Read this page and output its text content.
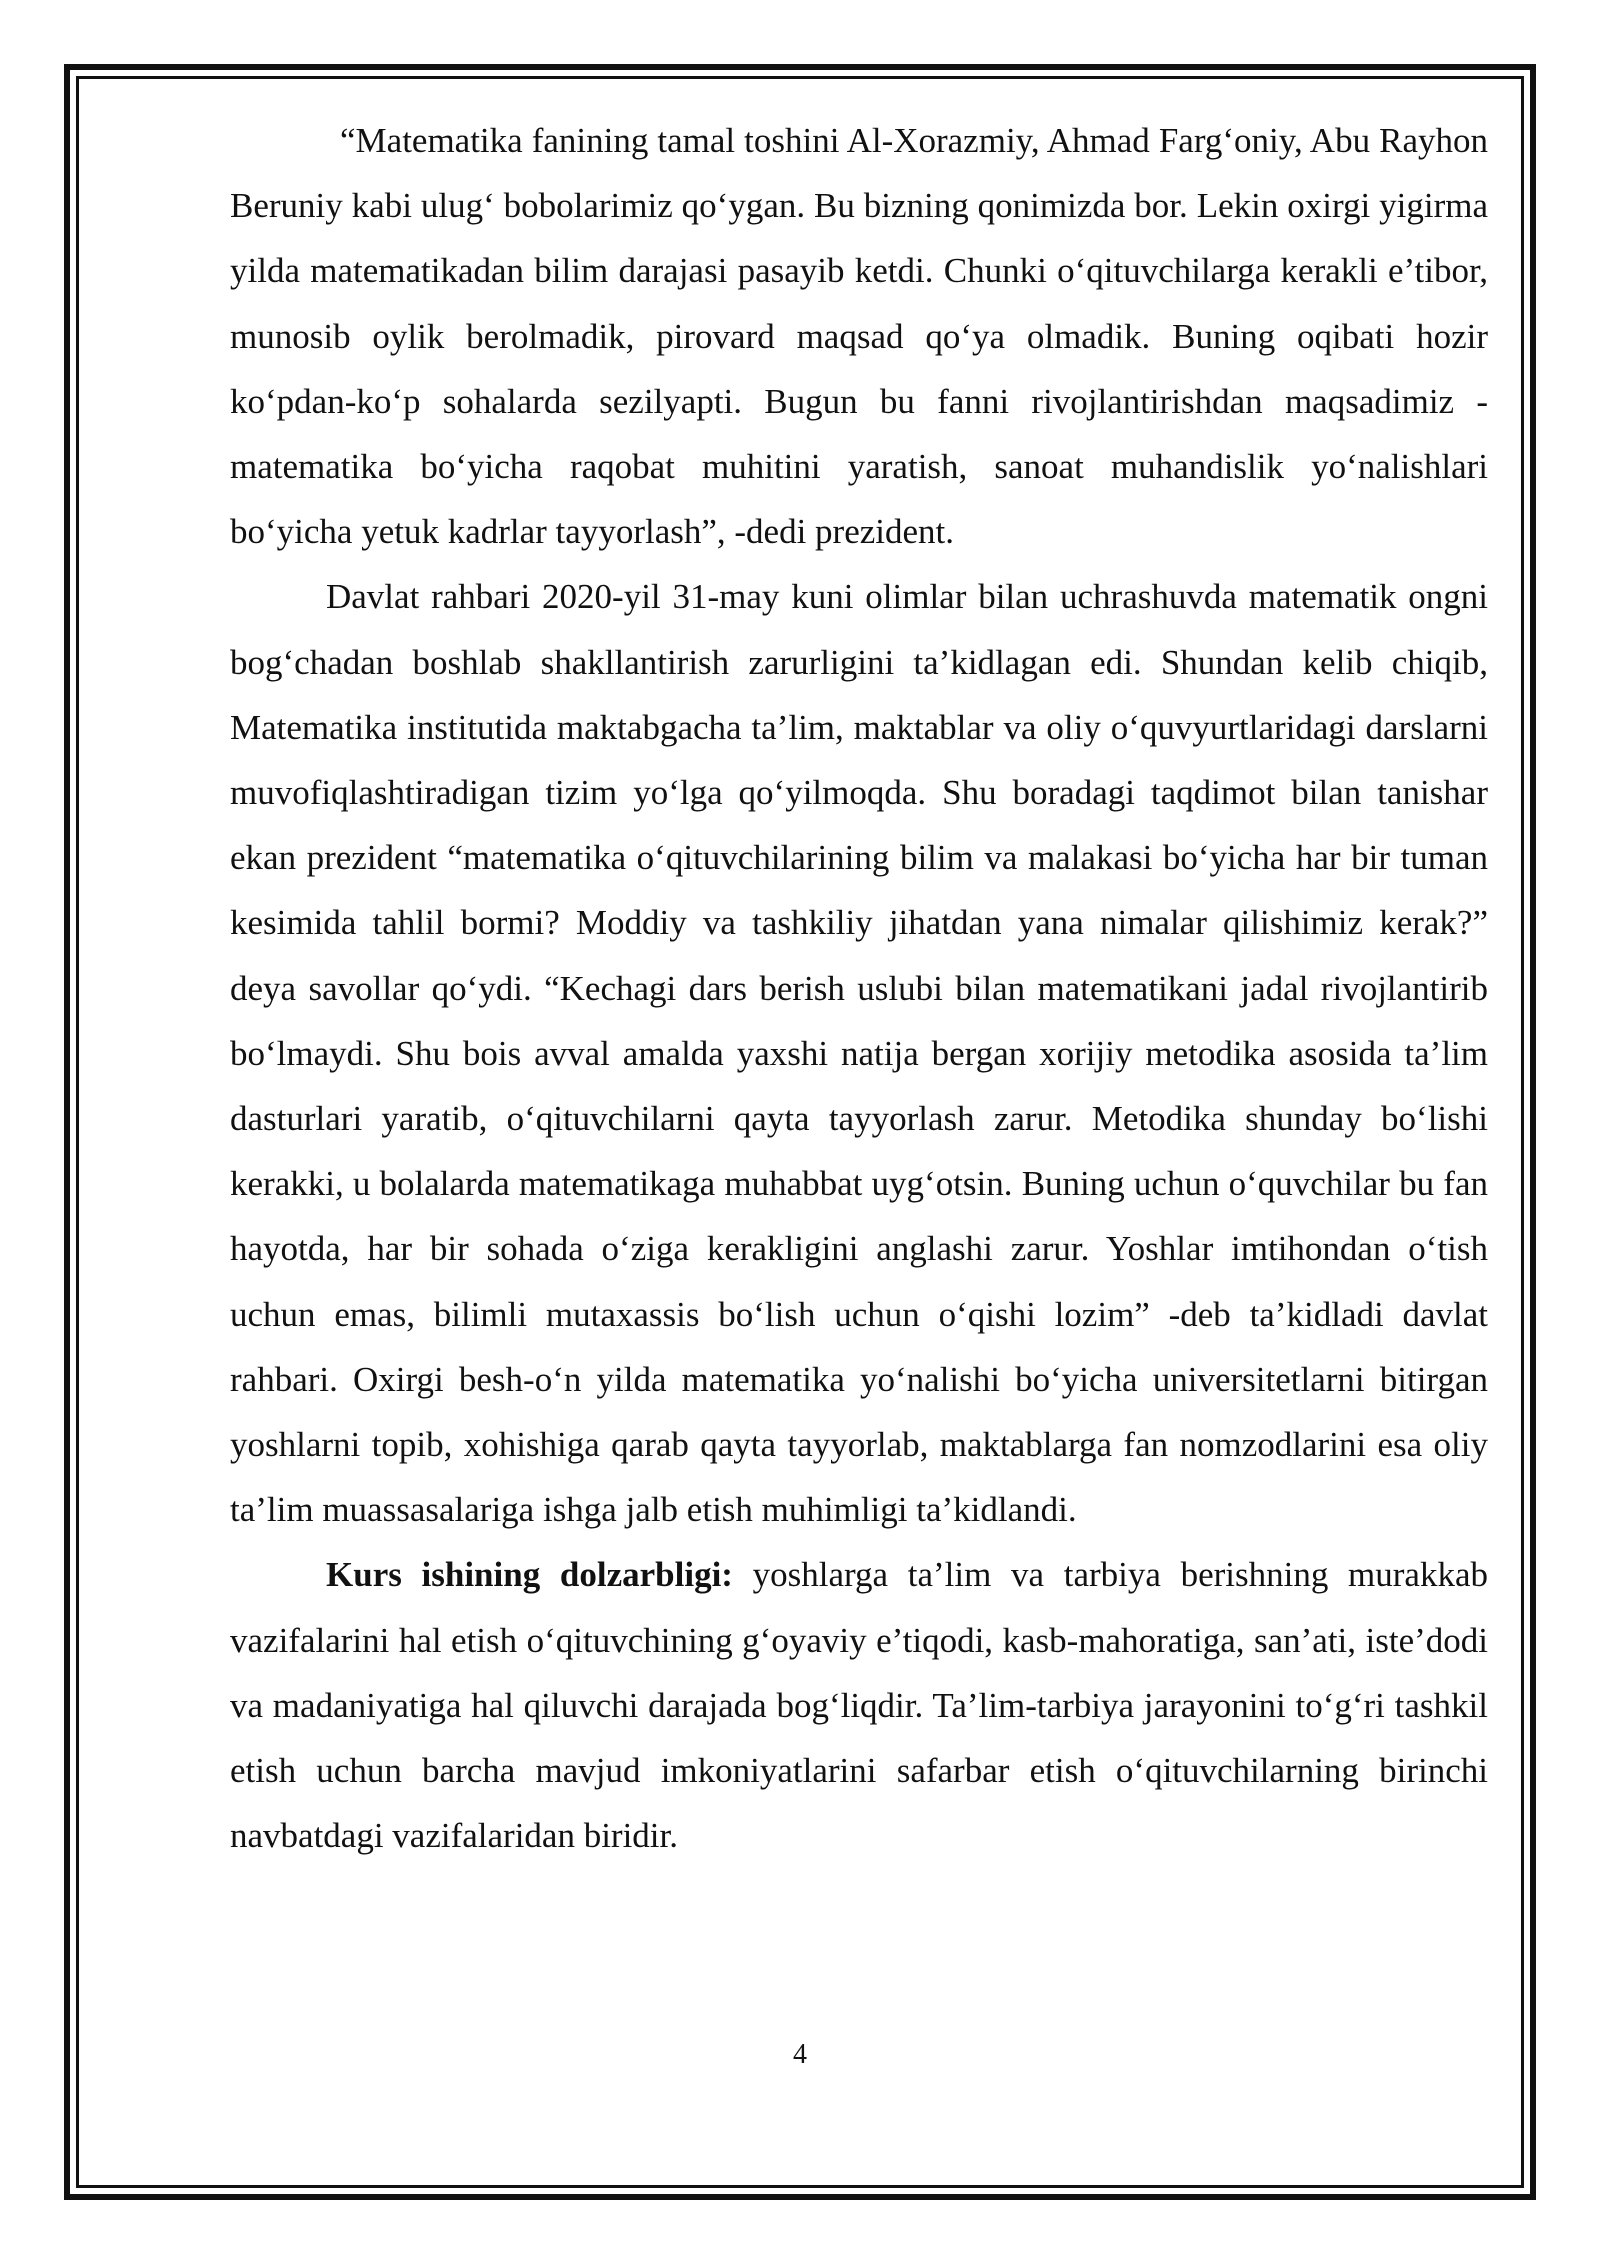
“Matematika fanining tamal toshini Al-Xorazmiy, Ahmad Farg‘oniy, Abu Rayhon Beruniy kabi ulug‘ bobolarimiz qo‘ygan. Bu bizning qonimizda bor. Lekin oxirgi yigirma yilda matematikadan bilim darajasi pasayib ketdi. Chunki o‘qituvchilarga kerakli e’tibor, munosib oylik berolmadik, pirovard maqsad qo‘ya olmadik. Buning oqibati hozir ko‘pdan-ko‘p sohalarda sezilyapti. Bugun bu fanni rivojlantirishdan maqsadimiz - matematika bo‘yicha raqobat muhitini yaratish, sanoat muhandislik yo‘nalishlari bo‘yicha yetuk kadrlar tayyorlash”, -dedi prezident.

Davlat rahbari 2020-yil 31-may kuni olimlar bilan uchrashuvda matematik ongni bog‘chadan boshlab shakllantirish zarurligini ta’kidlagan edi. Shundan kelib chiqib, Matematika institutida maktabgacha ta’lim, maktablar va oliy o‘quvyurtlaridagi darslarni muvofiqlashtiradigan tizim yo‘lga qo‘yilmoqda. Shu boradagi taqdimot bilan tanishar ekan prezident “matematika o‘qituvchilarining bilim va malakasi bo‘yicha har bir tuman kesimida tahlil bormi? Moddiy va tashkiliy jihatdan yana nimalar qilishimiz kerak?” deya savollar qo‘ydi. “Kechagi dars berish uslubi bilan matematikani jadal rivojlantirib bo‘lmaydi. Shu bois avval amalda yaxshi natija bergan xorijiy metodika asosida ta’lim dasturlari yaratib, o‘qituvchilarni qayta tayyorlash zarur. Metodika shunday bo‘lishi kerakki, u bolalarda matematikaga muhabbat uyg‘otsin. Buning uchun o‘quvchilar bu fan hayotda, har bir sohada o‘ziga kerakligini anglashi zarur. Yoshlar imtihondan o‘tish uchun emas, bilimli mutaxassis bo‘lish uchun o‘qishi lozim” -deb ta’kidladi davlat rahbari. Oxirgi besh-o‘n yilda matematika yo‘nalishi bo‘yicha universitetlarni bitirgan yoshlarni topib, xohishiga qarab qayta tayyorlab, maktablarga fan nomzodlarini esa oliy ta’lim muassasalariga ishga jalb etish muhimligi ta’kidlandi.

Kurs ishining dolzarbligi: yoshlarga ta’lim va tarbiya berishning murakkab vazifalarini hal etish o‘qituvchining g‘oyaviy e’tiqodi, kasb-mahoratiga, san’ati, iste’dodi va madaniyatiga hal qiluvchi darajada bog‘liqdir. Ta’lim-tarbiya jarayonini to‘g‘ri tashkil etish uchun barcha mavjud imkoniyatlarini safarbar etish o‘qituvchilarning birinchi navbatdagi vazifalaridan biridir.

4
